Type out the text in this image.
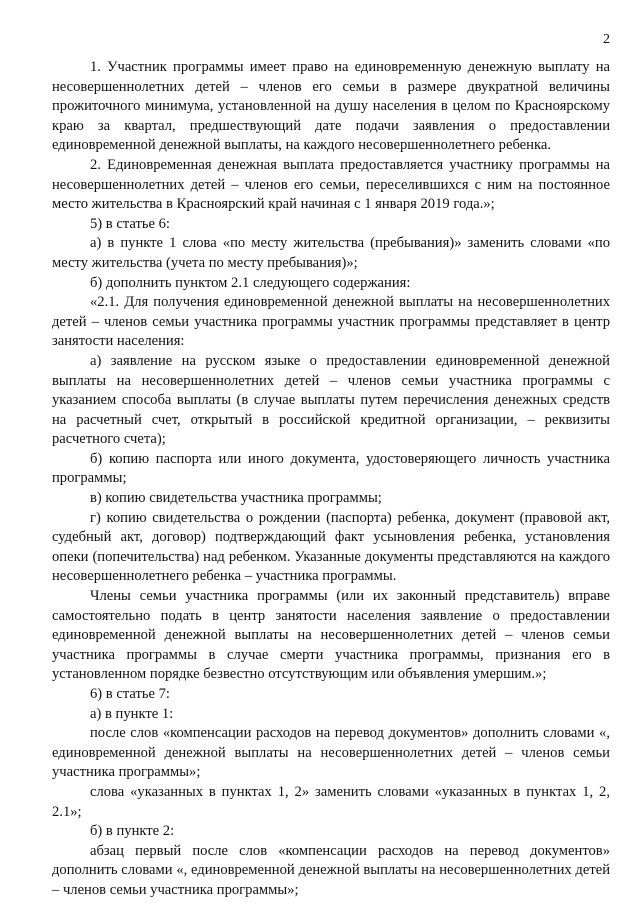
2

1. Участник программы имеет право на единовременную денежную выплату на несовершеннолетних детей – членов его семьи в размере двукратной величины прожиточного минимума, установленной на душу населения в целом по Красноярскому краю за квартал, предшествующий дате подачи заявления о предоставлении единовременной денежной выплаты, на каждого несовершеннолетнего ребенка.

2. Единовременная денежная выплата предоставляется участнику программы на несовершеннолетних детей – членов его семьи, переселившихся с ним на постоянное место жительства в Красноярский край начиная с 1 января 2019 года.»;

5) в статье 6:

а) в пункте 1 слова «по месту жительства (пребывания)» заменить словами «по месту жительства (учета по месту пребывания)»;

б) дополнить пунктом 2.1 следующего содержания:

«2.1. Для получения единовременной денежной выплаты на несовершеннолетних детей – членов семьи участника программы участник программы представляет в центр занятости населения:

а) заявление на русском языке о предоставлении единовременной денежной выплаты на несовершеннолетних детей – членов семьи участника программы с указанием способа выплаты (в случае выплаты путем перечисления денежных средств на расчетный счет, открытый в российской кредитной организации, – реквизиты расчетного счета);

б) копию паспорта или иного документа, удостоверяющего личность участника программы;

в) копию свидетельства участника программы;

г) копию свидетельства о рождении (паспорта) ребенка, документ (правовой акт, судебный акт, договор) подтверждающий факт усыновления ребенка, установления опеки (попечительства) над ребенком. Указанные документы представляются на каждого несовершеннолетнего ребенка – участника программы.

Члены семьи участника программы (или их законный представитель) вправе самостоятельно подать в центр занятости населения заявление о предоставлении единовременной денежной выплаты на несовершеннолетних детей – членов семьи участника программы в случае смерти участника программы, признания его в установленном порядке безвестно отсутствующим или объявления умершим.»;

6) в статье 7:

а) в пункте 1:

после слов «компенсации расходов на перевод документов» дополнить словами «, единовременной денежной выплаты на несовершеннолетних детей – членов семьи участника программы»;

слова «указанных в пунктах 1, 2» заменить словами «указанных в пунктах 1, 2, 2.1»;

б) в пункте 2:

абзац первый после слов «компенсации расходов на перевод документов» дополнить словами «, единовременной денежной выплаты на несовершеннолетних детей – членов семьи участника программы»;
